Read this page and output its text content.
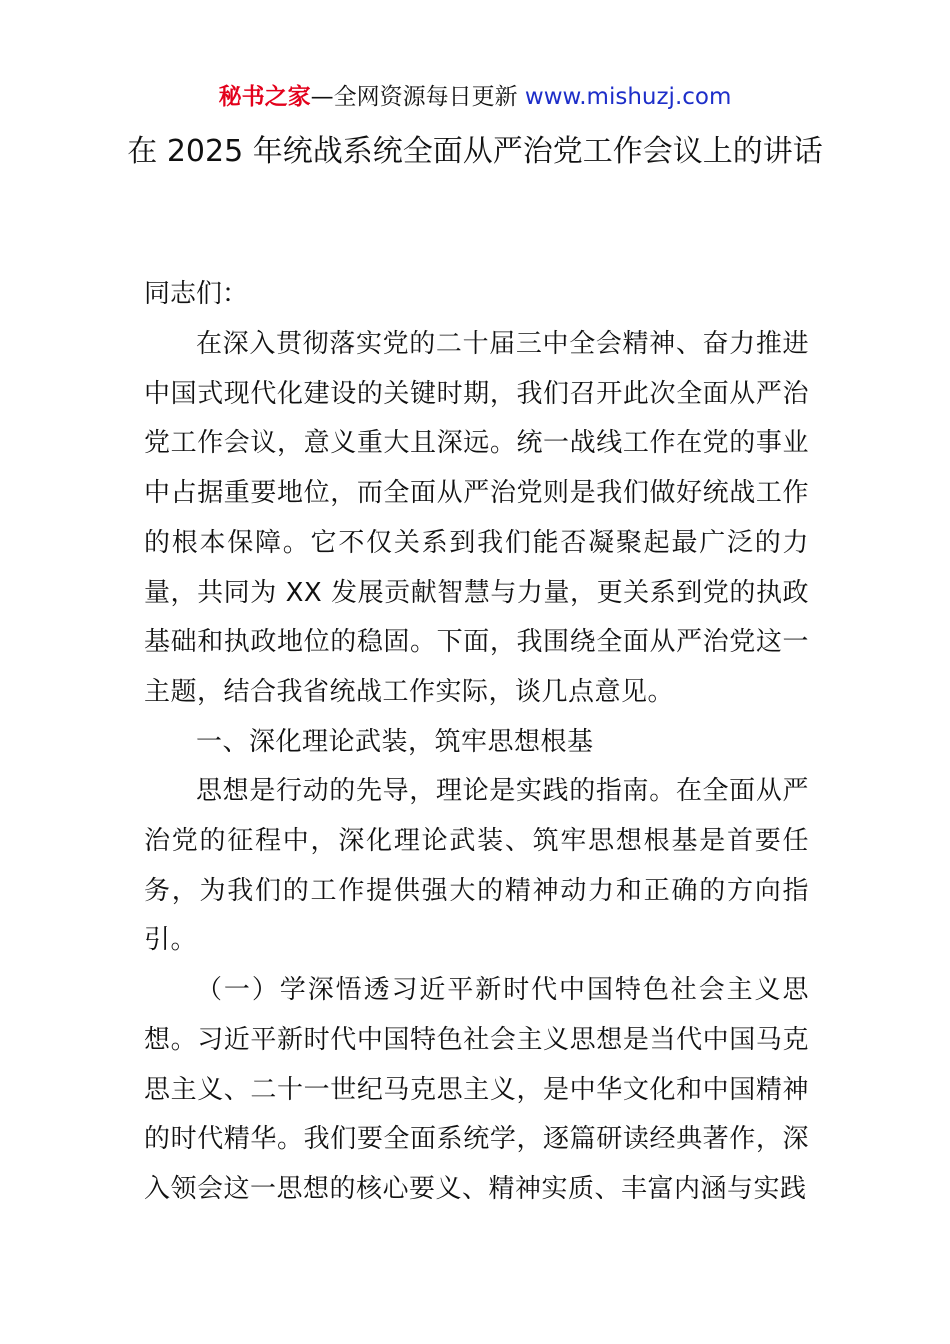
秘书之家—全网资源每日更新 www.mishuzj.com
在 2025 年统战系统全面从严治党工作会议上的讲话
同志们：

在深入贯彻落实党的二十届三中全会精神、奋力推进中国式现代化建设的关键时期，我们召开此次全面从严治党工作会议，意义重大且深远。统一战线工作在党的事业中占据重要地位，而全面从严治党则是我们做好统战工作的根本保障。它不仅关系到我们能否凝聚起最广泛的力量，共同为 XX 发展贡献智慧与力量，更关系到党的执政基础和执政地位的稳固。下面，我围绕全面从严治党这一主题，结合我省统战工作实际，谈几点意见。

一、深化理论武装，筑牢思想根基

思想是行动的先导，理论是实践的指南。在全面从严治党的征程中，深化理论武装、筑牢思想根基是首要任务，为我们的工作提供强大的精神动力和正确的方向指引。

（一）学深悟透习近平新时代中国特色社会主义思想。习近平新时代中国特色社会主义思想是当代中国马克思主义、二十一世纪马克思主义，是中华文化和中国精神的时代精华。我们要全面系统学，逐篇研读经典著作，深入领会这一思想的核心要义、精神实质、丰富内涵与实践
